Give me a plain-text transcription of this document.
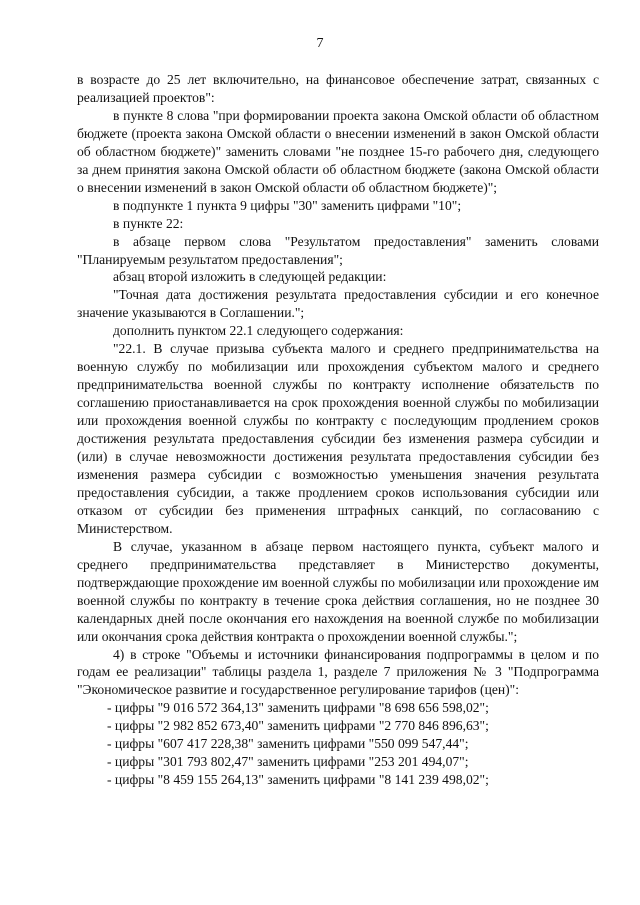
7

в возрасте до 25 лет включительно, на финансовое обеспечение затрат, связанных с реализацией проектов":

в пункте 8 слова "при формировании проекта закона Омской области об областном бюджете (проекта закона Омской области о внесении изменений в закон Омской области об областном бюджете)" заменить словами "не позднее 15-го рабочего дня, следующего за днем принятия закона Омской области об областном бюджете (закона Омской области о внесении изменений в закон Омской области об областном бюджете)";

в подпункте 1 пункта 9 цифры "30" заменить цифрами "10";

в пункте 22:

в абзаце первом слова "Результатом предоставления" заменить словами "Планируемым результатом предоставления";

абзац второй изложить в следующей редакции:

"Точная дата достижения результата предоставления субсидии и его конечное значение указываются в Соглашении.";

дополнить пунктом 22.1 следующего содержания:

"22.1. В случае призыва субъекта малого и среднего предпринимательства на военную службу по мобилизации или прохождения субъектом малого и среднего предпринимательства военной службы по контракту исполнение обязательств по соглашению приостанавливается на срок прохождения военной службы по мобилизации или прохождения военной службы по контракту с последующим продлением сроков достижения результата предоставления субсидии без изменения размера субсидии и (или) в случае невозможности достижения результата предоставления субсидии без изменения размера субсидии с возможностью уменьшения значения результата предоставления субсидии, а также продлением сроков использования субсидии или отказом от субсидии без применения штрафных санкций, по согласованию с Министерством.

В случае, указанном в абзаце первом настоящего пункта, субъект малого и среднего предпринимательства представляет в Министерство документы, подтверждающие прохождение им военной службы по мобилизации или прохождение им военной службы по контракту в течение срока действия соглашения, но не позднее 30 календарных дней после окончания его нахождения на военной службе по мобилизации или окончания срока действия контракта о прохождении военной службы.";

4) в строке "Объемы и источники финансирования подпрограммы в целом и по годам ее реализации" таблицы раздела 1, разделе 7 приложения № 3 "Подпрограмма "Экономическое развитие и государственное регулирование тарифов (цен)":

- цифры "9 016 572 364,13" заменить цифрами "8 698 656 598,02";

- цифры "2 982 852 673,40" заменить цифрами "2 770 846 896,63";

- цифры "607 417 228,38" заменить цифрами "550 099 547,44";

- цифры "301 793 802,47" заменить цифрами "253 201 494,07";

- цифры "8 459 155 264,13" заменить цифрами "8 141 239 498,02";
